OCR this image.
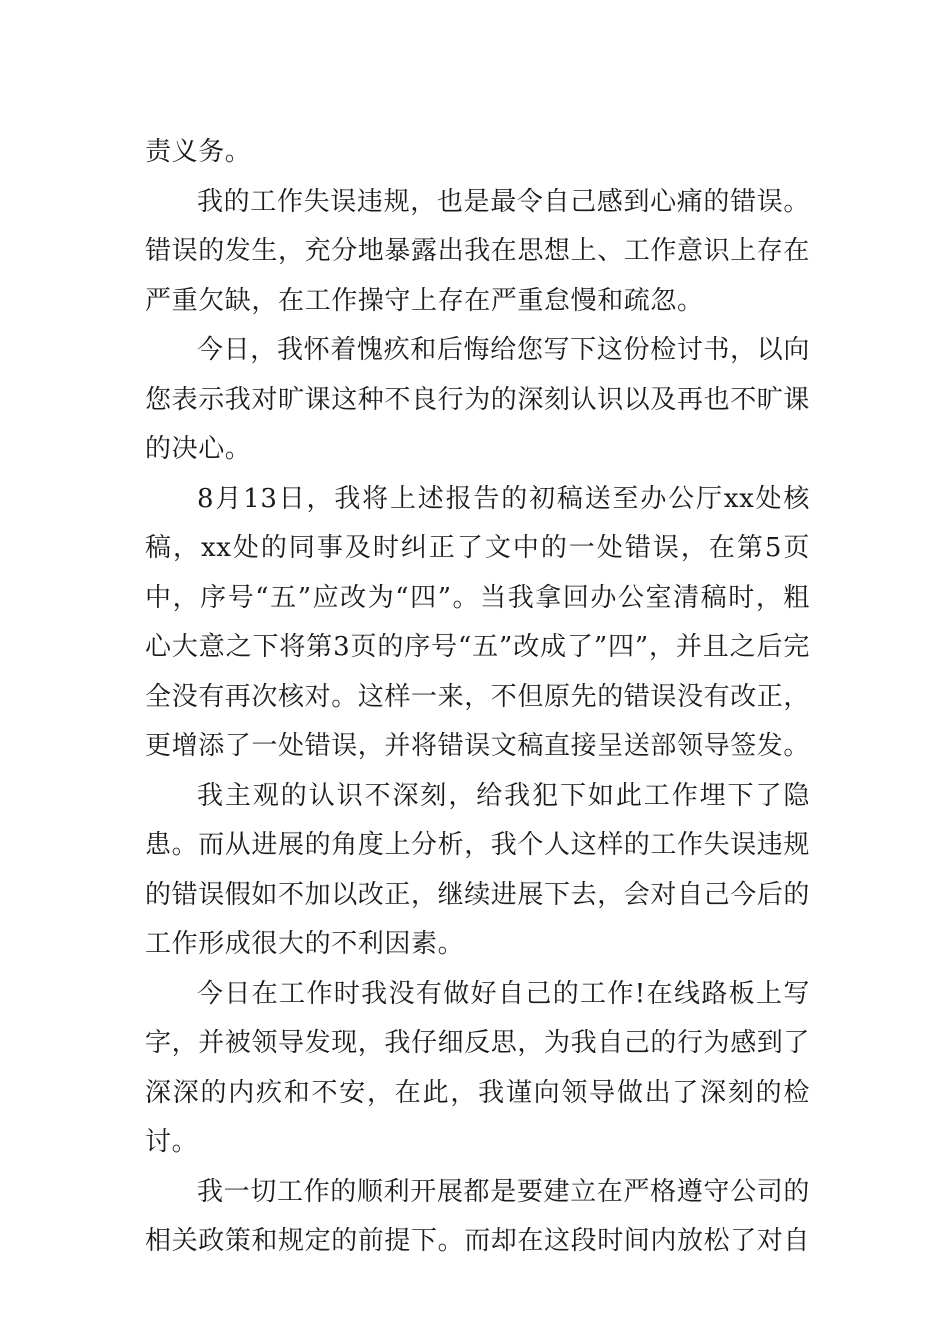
责义务。

我的工作失误违规，也是最令自己感到心痛的错误。错误的发生，充分地暴露出我在思想上、工作意识上存在严重欠缺，在工作操守上存在严重怠慢和疏忽。

今日，我怀着愧疚和后悔给您写下这份检讨书，以向您表示我对旷课这种不良行为的深刻认识以及再也不旷课的决心。

8月13日，我将上述报告的初稿送至办公厅xx处核稿，xx处的同事及时纠正了文中的一处错误，在第5页中，序号“五”应改为“四”。当我拿回办公室清稿时，粗心大意之下将第3页的序号“五”改成了”四”，并且之后完全没有再次核对。这样一来，不但原先的错误没有改正，更增添了一处错误，并将错误文稿直接呈送部领导签发。

我主观的认识不深刻，给我犯下如此工作埋下了隐患。而从进展的角度上分析，我个人这样的工作失误违规的错误假如不加以改正，继续进展下去，会对自己今后的工作形成很大的不利因素。

今日在工作时我没有做好自己的工作!在线路板上写字，并被领导发现，我仔细反思，为我自己的行为感到了深深的内疚和不安，在此，我谨向领导做出了深刻的检讨。

我一切工作的顺利开展都是要建立在严格遵守公司的相关政策和规定的前提下。而却在这段时间内放松了对自
